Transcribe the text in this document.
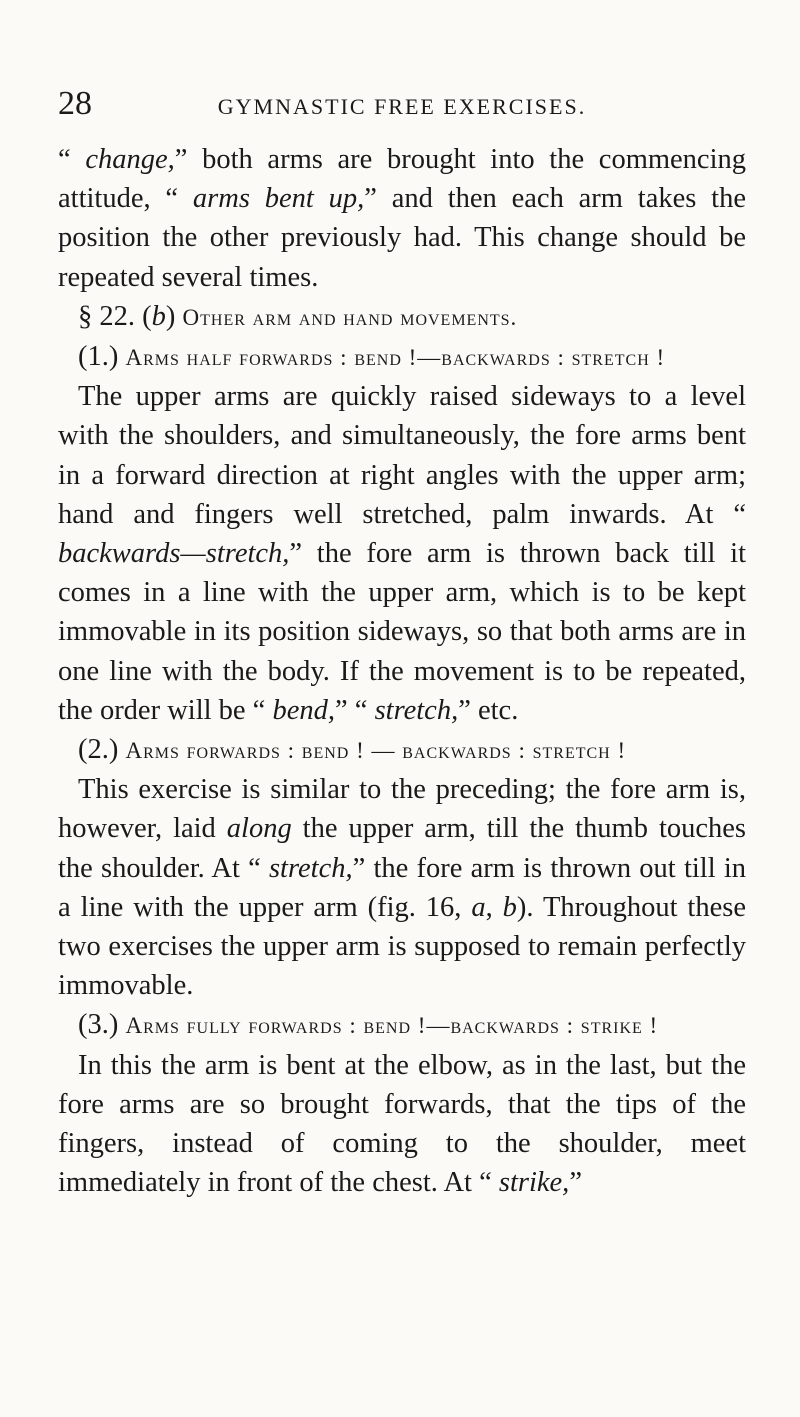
28	GYMNASTIC FREE EXERCISES.

“ change,” both arms are brought into the commencing attitude, “ arms bent up,” and then each arm takes the position the other previously had. This change should be repeated several times.

§ 22. (b) Other arm and hand movements.

(1.) Arms half forwards : bend !—backwards : stretch !

The upper arms are quickly raised sideways to a level with the shoulders, and simultaneously, the fore arms bent in a forward direction at right angles with the upper arm; hand and fingers well stretched, palm inwards. At “ backwards—stretch,” the fore arm is thrown back till it comes in a line with the upper arm, which is to be kept immovable in its position sideways, so that both arms are in one line with the body. If the movement is to be repeated, the order will be “ bend,” “ stretch,” etc.

(2.) Arms forwards : bend ! — backwards : stretch !

This exercise is similar to the preceding; the fore arm is, however, laid along the upper arm, till the thumb touches the shoulder. At “ stretch,” the fore arm is thrown out till in a line with the upper arm (fig. 16, a, b). Throughout these two exercises the upper arm is supposed to remain perfectly immovable.

(3.) Arms fully forwards : bend !—backwards : strike !

In this the arm is bent at the elbow, as in the last, but the fore arms are so brought forwards, that the tips of the fingers, instead of coming to the shoulder, meet immediately in front of the chest. At “ strike,”
